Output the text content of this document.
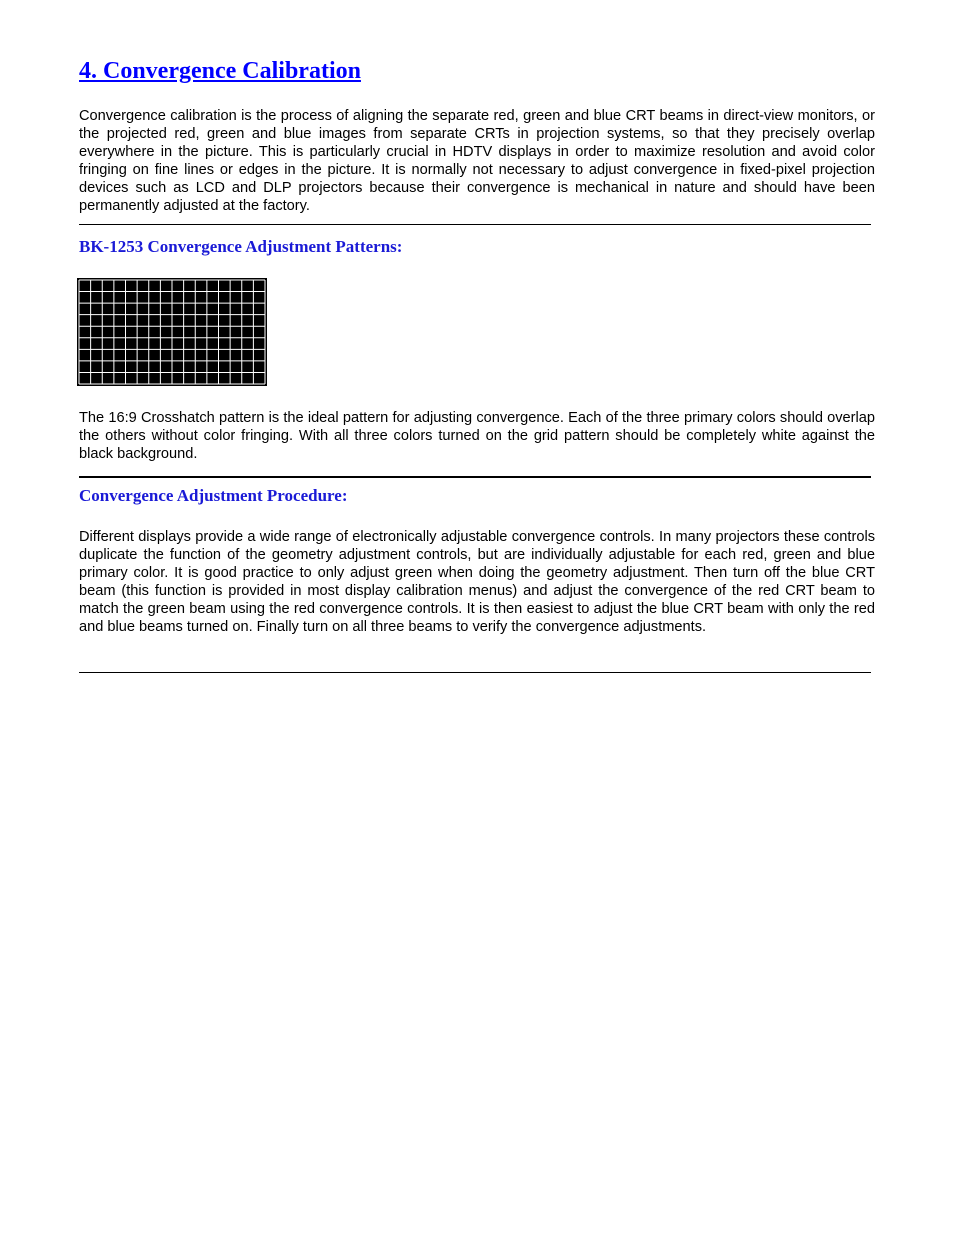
4. Convergence Calibration

Convergence calibration is the process of aligning the separate red, green and blue CRT beams in direct-view monitors, or the projected red, green and blue images from separate CRTs in projection systems, so that they precisely overlap everywhere in the picture. This is particularly crucial in HDTV displays in order to maximize resolution and avoid color fringing on fine lines or edges in the picture. It is normally not necessary to adjust convergence in fixed-pixel projection devices such as LCD and DLP projectors because their convergence is mechanical in nature and should have been permanently adjusted at the factory.

BK-1253 Convergence Adjustment Patterns:

The 16:9 Crosshatch pattern is the ideal pattern for adjusting convergence. Each of the three primary colors should overlap the others without color fringing. With all three colors turned on the grid pattern should be completely white against the black background.

Convergence Adjustment Procedure:

Different displays provide a wide range of electronically adjustable convergence controls. In many projectors these controls duplicate the function of the geometry adjustment controls, but are individually adjustable for each red, green and blue primary color. It is good practice to only adjust green when doing the geometry adjustment. Then turn off the blue CRT beam (this function is provided in most display calibration menus) and adjust the convergence of the red CRT beam to match the green beam using the red convergence controls. It is then easiest to adjust the blue CRT beam with only the red and blue beams turned on. Finally turn on all three beams to verify the convergence adjustments.
